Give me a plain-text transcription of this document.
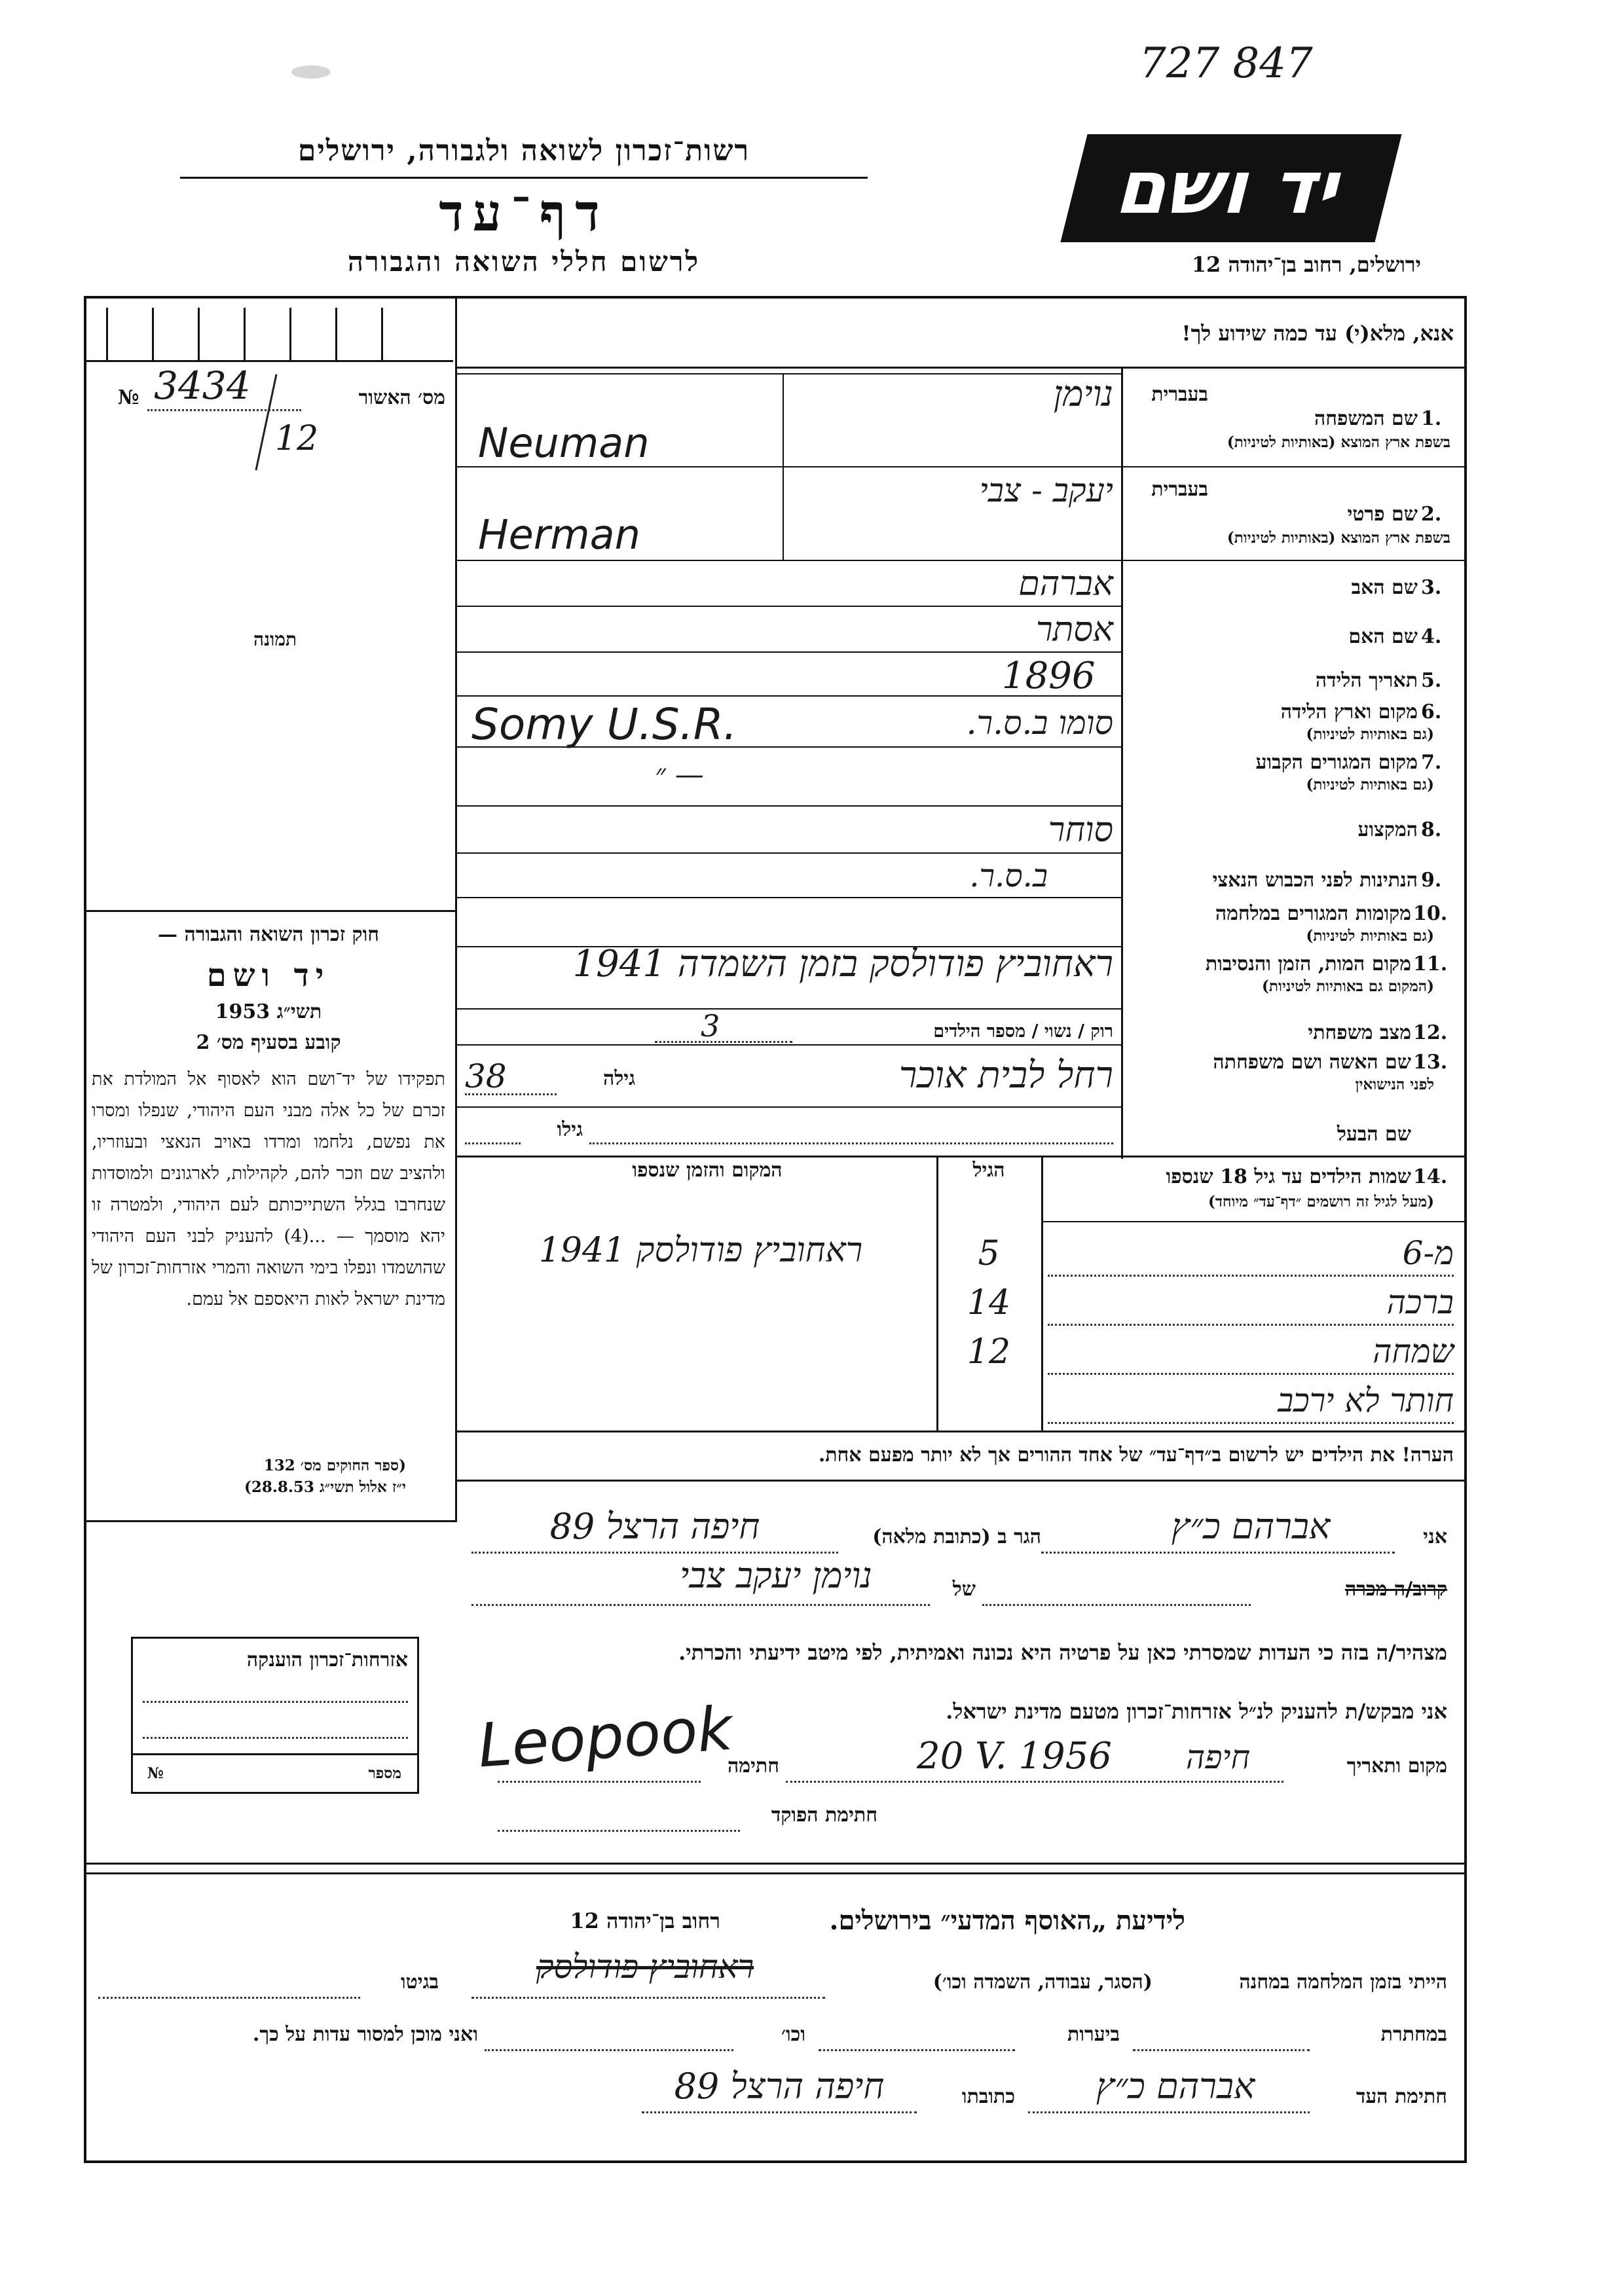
727 847
רשות־זכרון לשואה ולגבורה, ירושלים
דף־עד
לרשום חללי השואה והגבורה
יד ושם
ירושלים, רחוב בן־יהודה 12
אנא, מלא(י) עד כמה שידוע לך!
№ 3434	מס׳ האשור
12
תמונה
חוק זכרון השואה והגבורה —
יד ושם
תשי״ג 1953
קובע בסעיף מס׳ 2
תפקידו של יד־ושם הוא לאסוף אל המולדת את זכרם של כל אלה מבני העם היהודי, שנפלו ומסרו את נפשם, נלחמו ומרדו באויב הנאצי ובעוזריו, ולהציב שם וזכר להם, לקהילות, לארגונים ולמוסדות שנחרבו בגלל השתייכותם לעם היהודי, ולמטרה זו יהא מוסמך — ...(4) להעניק לבני העם היהודי שהושמדו ונפלו בימי השואה והמרי אזרחות־זכרון של מדינת ישראל לאות היאספם אל עמם.
(ספר החוקים מס׳ 132
י״ז אלול תשי״ג 28.8.53)
אזרחות־זכרון הוענקה
№	מספר
בעברית
1.
שם המשפחה
בשפת ארץ המוצא (באותיות לטיניות)
בעברית
2.
שם פרטי
בשפת ארץ המוצא (באותיות לטיניות)
3.
שם האב
4.
שם האם
5.
תאריך הלידה
6.
מקום וארץ הלידה
(גם באותיות לטיניות)
7.
מקום המגורים הקבוע
(גם באותיות לטיניות)
8.
המקצוע
9.
הנתינות לפני הכבוש הנאצי
10.
מקומות המגורים במלחמה
(גם באותיות לטיניות)
11.
מקום המות, הזמן והנסיבות
(המקום גם באותיות לטיניות)
12.
מצב משפחתי
13.
שם האשה ושם משפחתה
לפני הנישואין
שם הבעל
14.
שמות הילדים עד גיל 18 שנספו
(מעל לגיל זה רושמים ״דף־עד״ מיוחד)
נוימן
Neuman
יעקב - צבי
Herman
אברהם
אסתר
1896
סומו ב.ס.ר.
Somy U.S.R.
״ —
סוחר
ב.ס.ר.
ראחוביץ פודולסק בזמן השמדה 1941
רוק / נשוי / מספר הילדים
3
רחל לבית אוכר
גילה
38
גילו
הגיל
המקום והזמן שנספו
מ-6
5
ראחוביץ פודולסק 1941
ברכה
14
שמחה
12
חותר לא ירכב
הערה! את הילדים יש לרשום ב״דף־עד״ של אחד ההורים אך לא יותר מפעם אחת.
אני
אברהם כ״ץ
הגר ב (כתובת מלאה)
חיפה הרצל 89
קרוב/ה מכרה
של
נוימן יעקב צבי
מצהיר/ה בזה כי העדות שמסרתי כאן על פרטיה היא נכונה ואמיתית, לפי מיטב ידיעתי והכרתי.
אני מבקש/ת להעניק לנ״ל אזרחות־זכרון מטעם מדינת ישראל.
מקום ותאריך
חיפה
20 V. 1956
חתימה
Leopook
חתימת הפוקד
לידיעת „האוסף המדעי״ בירושלים.
רחוב בן־יהודה 12
הייתי בזמן המלחמה במחנה
(הסגר, עבודה, השמדה וכו׳)
ראחוביץ פודולסק
בגיטו
במחתרת
ביערות
וכו׳
ואני מוכן למסור עדות על כך.
חתימת העד
אברהם כ״ץ
כתובתו
חיפה הרצל 89
